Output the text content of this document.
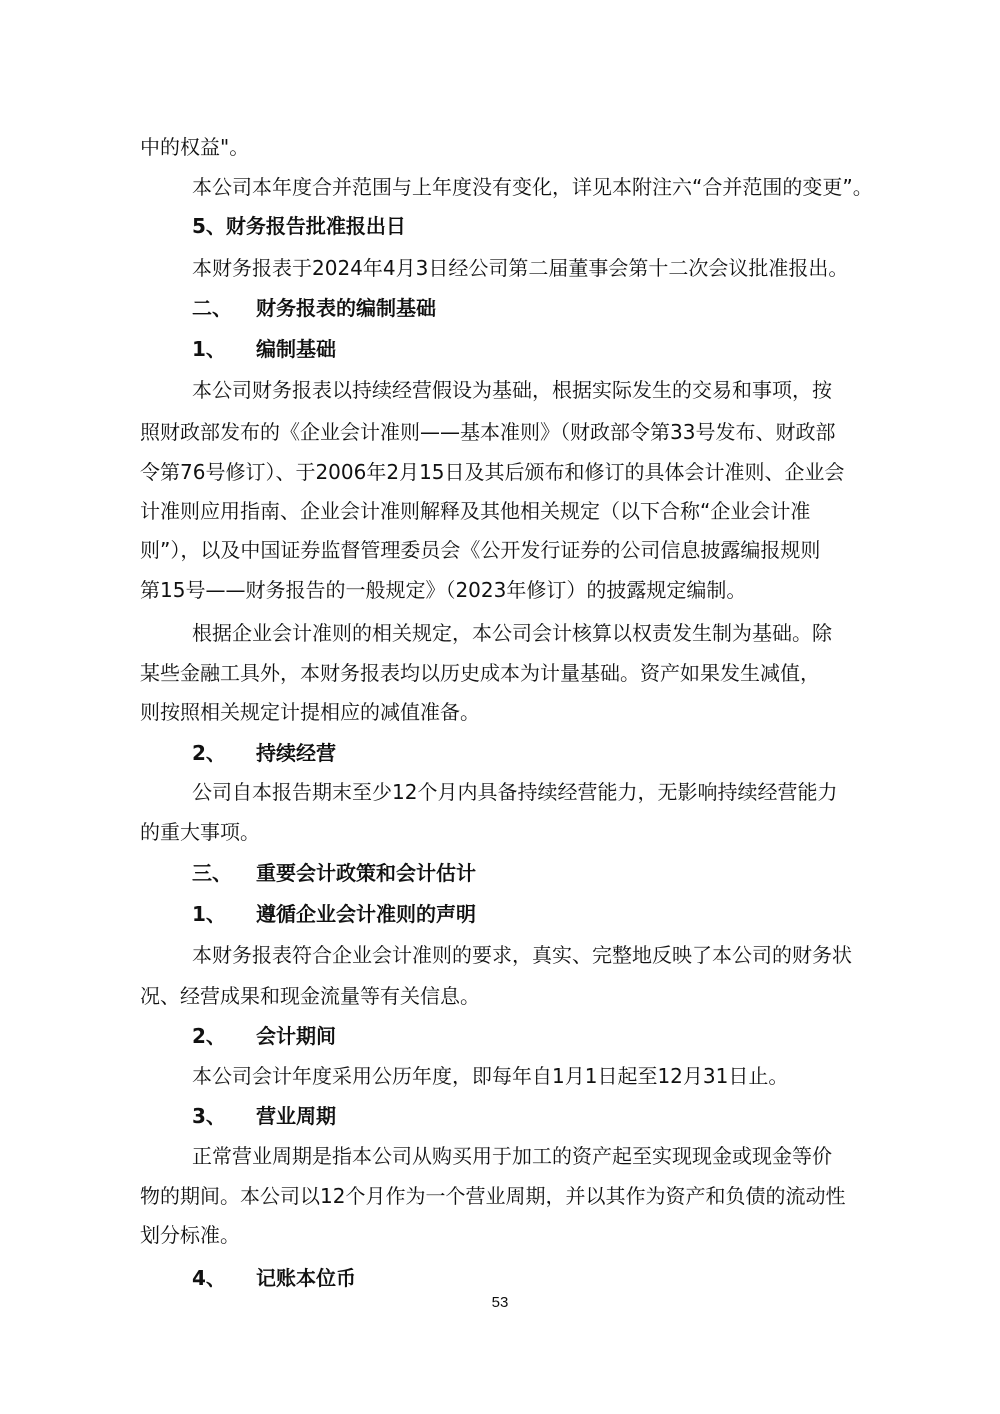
中的权益"。
本公司本年度合并范围与上年度没有变化，详见本附注六“合并范围的变更”。
5、财务报告批准报出日
本财务报表于2024年4月3日经公司第二届董事会第十二次会议批准报出。
二、 财务报表的编制基础
1、 编制基础
本公司财务报表以持续经营假设为基础，根据实际发生的交易和事项，按
照财政部发布的《企业会计准则——基本准则》（财政部令第33号发布、财政部
令第76号修订）、于2006年2月15日及其后颁布和修订的具体会计准则、企业会
计准则应用指南、企业会计准则解释及其他相关规定（以下合称“企业会计准
则”），以及中国证券监督管理委员会《公开发行证券的公司信息披露编报规则
第15号——财务报告的一般规定》（2023年修订）的披露规定编制。
根据企业会计准则的相关规定，本公司会计核算以权责发生制为基础。除
某些金融工具外，本财务报表均以历史成本为计量基础。资产如果发生减值，
则按照相关规定计提相应的减值准备。
2、 持续经营
公司自本报告期末至少12个月内具备持续经营能力，无影响持续经营能力
的重大事项。
三、 重要会计政策和会计估计
1、 遵循企业会计准则的声明
本财务报表符合企业会计准则的要求，真实、完整地反映了本公司的财务状
况、经营成果和现金流量等有关信息。
2、 会计期间
本公司会计年度采用公历年度，即每年自1月1日起至12月31日止。
3、 营业周期
正常营业周期是指本公司从购买用于加工的资产起至实现现金或现金等价
物的期间。本公司以12个月作为一个营业周期，并以其作为资产和负债的流动性
划分标准。
4、 记账本位币
53
